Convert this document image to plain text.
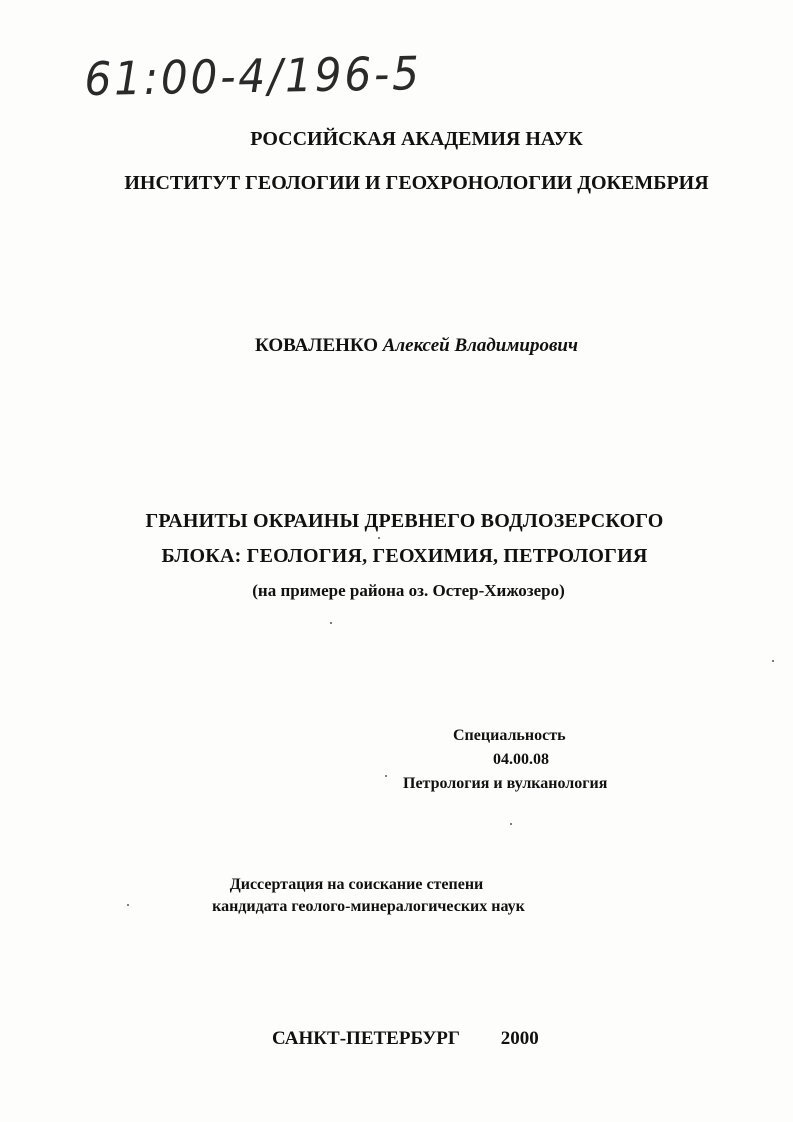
61:00-4/196-5
РОССИЙСКАЯ АКАДЕМИЯ НАУК
ИНСТИТУТ ГЕОЛОГИИ И ГЕОХРОНОЛОГИИ ДОКЕМБРИЯ
КОВАЛЕНКО Алексей Владимирович
ГРАНИТЫ ОКРАИНЫ ДРЕВНЕГО ВОДЛОЗЕРСКОГО
БЛОКА: ГЕОЛОГИЯ, ГЕОХИМИЯ, ПЕТРОЛОГИЯ
(на примере района оз. Остер-Хижозеро)
Специальность
04.00.08
Петрология и вулканология
Диссертация на соискание степени
кандидата геолого-минералогических наук
САНКТ-ПЕТЕРБУРГ 2000
